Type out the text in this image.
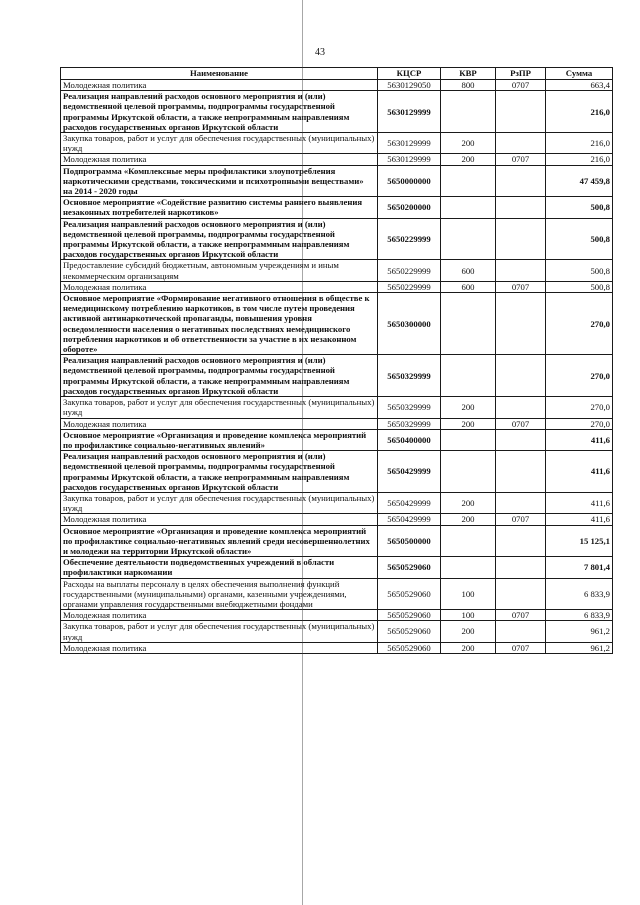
43
Наименование	КЦСР	КВР	РзПР	Сумма
Молодежная политика	5630129050	800	0707	663,4
Реализация направлений расходов основного мероприятия и (или) ведомственной целевой программы, подпрограммы государственной программы Иркутской области, а также непрограммным направлениям расходов государственных органов Иркутской области	5630129999			216,0
Закупка товаров, работ и услуг для обеспечения государственных (муниципальных) нужд	5630129999	200		216,0
Молодежная политика	5630129999	200	0707	216,0
Подпрограмма «Комплексные меры профилактики злоупотребления наркотическими средствами, токсическими и психотропными веществами» на 2014 - 2020 годы	5650000000			47 459,8
Основное мероприятие «Содействие развитию системы раннего выявления незаконных потребителей наркотиков»	5650200000			500,8
Реализация направлений расходов основного мероприятия и (или) ведомственной целевой программы, подпрограммы государственной программы Иркутской области, а также непрограммным направлениям расходов государственных органов Иркутской области	5650229999			500,8
Предоставление субсидий бюджетным, автономным учреждениям и иным некоммерческим организациям	5650229999	600		500,8
Молодежная политика	5650229999	600	0707	500,8
Основное мероприятие «Формирование негативного отношения в обществе к немедицинскому потреблению наркотиков, в том числе путем проведения активной антинаркотической пропаганды, повышения уровня осведомленности населения о негативных последствиях немедицинского потребления наркотиков и об ответственности за участие в их незаконном обороте»	5650300000			270,0
Реализация направлений расходов основного мероприятия и (или) ведомственной целевой программы, подпрограммы государственной программы Иркутской области, а также непрограммным направлениям расходов государственных органов Иркутской области	5650329999			270,0
Закупка товаров, работ и услуг для обеспечения государственных (муниципальных) нужд	5650329999	200		270,0
Молодежная политика	5650329999	200	0707	270,0
Основное мероприятие «Организация и проведение комплекса мероприятий по профилактике социально-негативных явлений»	5650400000			411,6
Реализация направлений расходов основного мероприятия и (или) ведомственной целевой программы, подпрограммы государственной программы Иркутской области, а также непрограммным направлениям расходов государственных органов Иркутской области	5650429999			411,6
Закупка товаров, работ и услуг для обеспечения государственных (муниципальных) нужд	5650429999	200		411,6
Молодежная политика	5650429999	200	0707	411,6
Основное мероприятие «Организация и проведение комплекса мероприятий по профилактике социально-негативных явлений среди несовершеннолетних и молодежи на территории Иркутской области»	5650500000			15 125,1
Обеспечение деятельности подведомственных учреждений в области профилактики наркомании	5650529060			7 801,4
Расходы на выплаты персоналу в целях обеспечения выполнения функций государственными (муниципальными) органами, казенными учреждениями, органами управления государственными внебюджетными фондами	5650529060	100		6 833,9
Молодежная политика	5650529060	100	0707	6 833,9
Закупка товаров, работ и услуг для обеспечения государственных (муниципальных) нужд	5650529060	200		961,2
Молодежная политика	5650529060	200	0707	961,2
